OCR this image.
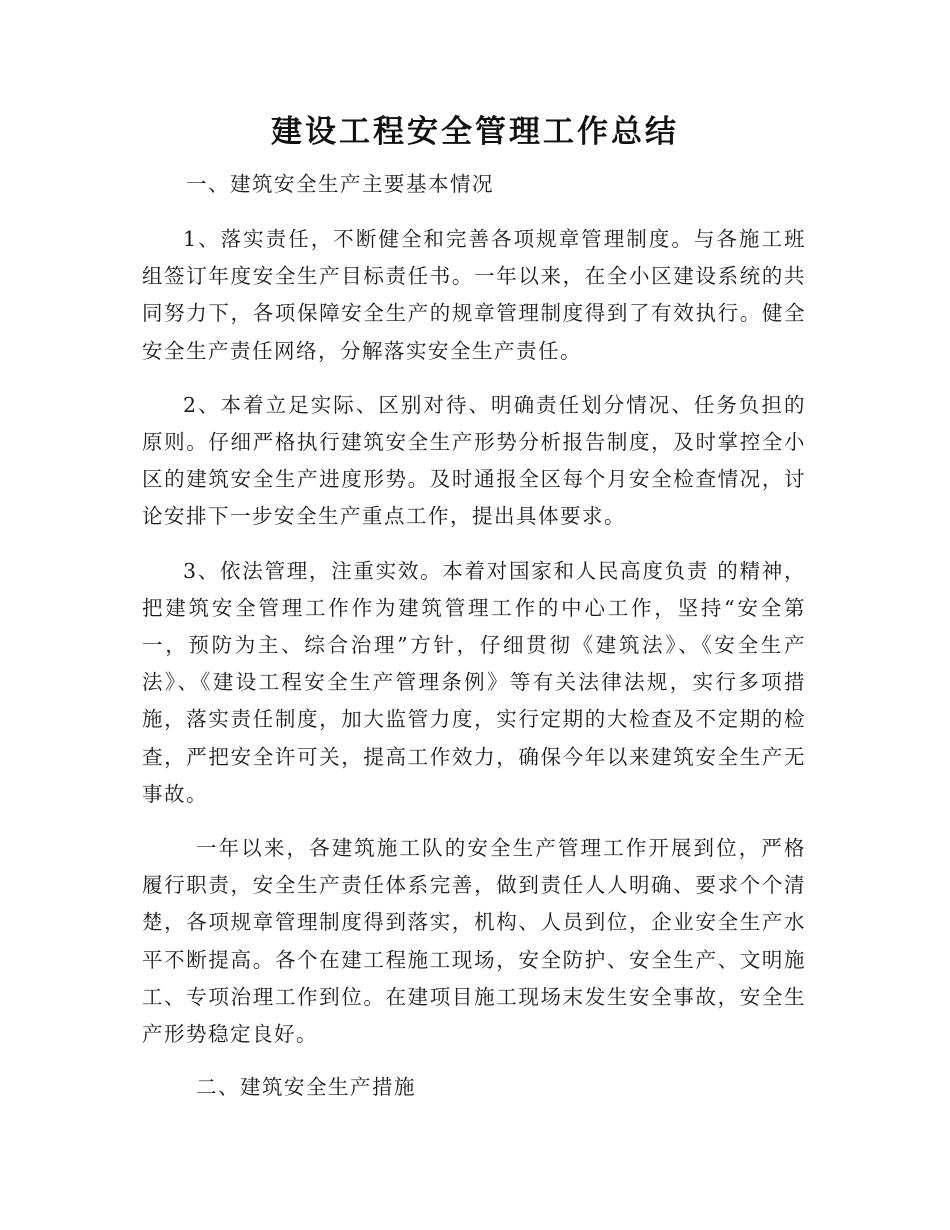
建设工程安全管理工作总结

一、建筑安全生产主要基本情况

1、落实责任，不断健全和完善各项规章管理制度。与各施工班组签订年度安全生产目标责任书。一年以来，在全小区建设系统的共同努力下，各项保障安全生产的规章管理制度得到了有效执行。健全安全生产责任网络，分解落实安全生产责任。

2、本着立足实际、区别对待、明确责任划分情况、任务负担的原则。仔细严格执行建筑安全生产形势分析报告制度，及时掌控全小区的建筑安全生产进度形势。及时通报全区每个月安全检查情况，讨论安排下一步安全生产重点工作，提出具体要求。

3、依法管理，注重实效。本着对国家和人民高度负责 的精神，把建筑安全管理工作作为建筑管理工作的中心工作，坚持“安全第一，预防为主、综合治理”方针，仔细贯彻《建筑法》、《安全生产法》、《建设工程安全生产管理条例》等有关法律法规，实行多项措施，落实责任制度，加大监管力度，实行定期的大检查及不定期的检查，严把安全许可关，提高工作效力，确保今年以来建筑安全生产无事故。

一年以来，各建筑施工队的安全生产管理工作开展到位，严格履行职责，安全生产责任体系完善，做到责任人人明确、要求个个清楚，各项规章管理制度得到落实，机构、人员到位，企业安全生产水平不断提高。各个在建工程施工现场，安全防护、安全生产、文明施工、专项治理工作到位。在建项目施工现场末发生安全事故，安全生产形势稳定良好。

二、建筑安全生产措施
